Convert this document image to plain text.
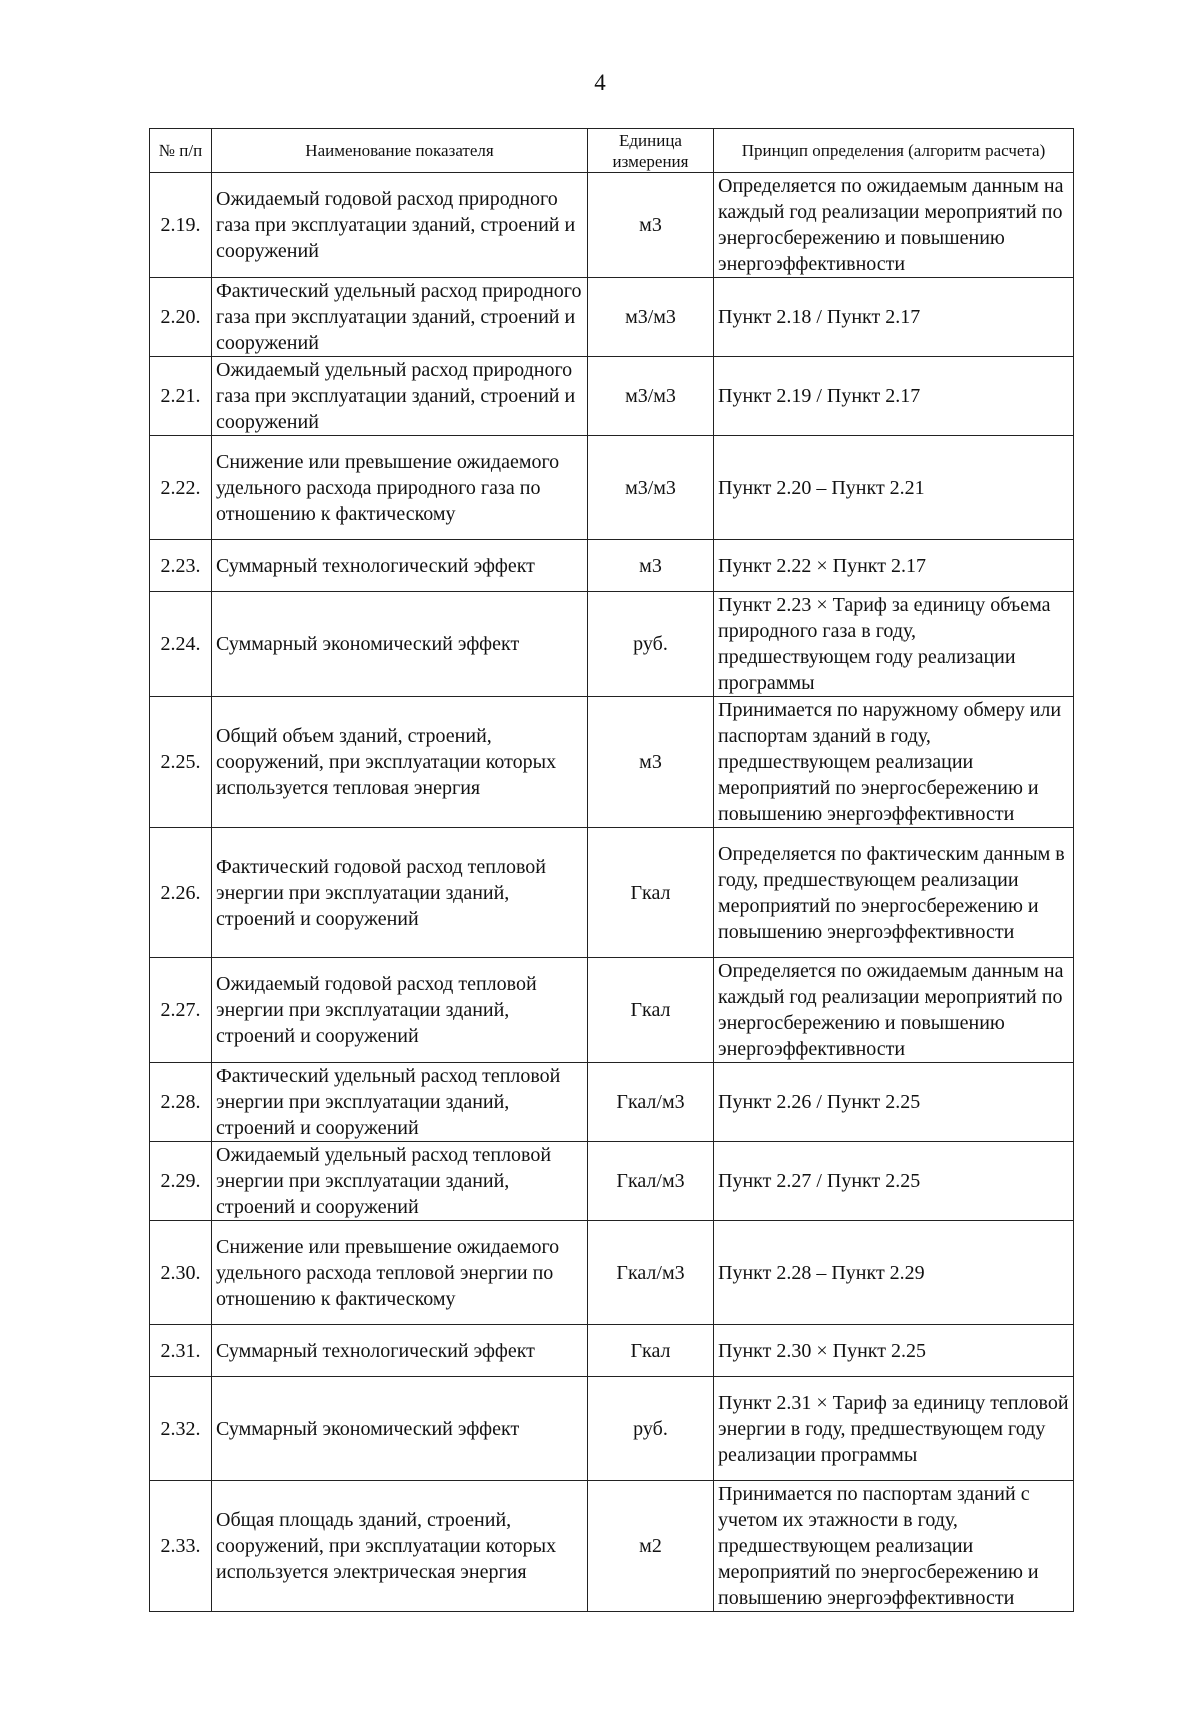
4
№ п/п	Наименование показателя	Единица измерения	Принцип определения (алгоритм расчета)
2.19.	Ожидаемый годовой расход природного газа при эксплуатации зданий, строений и сооружений	м3	Определяется по ожидаемым данным на каждый год реализации мероприятий по энергосбережению и повышению энергоэффективности
2.20.	Фактический удельный расход природного газа при эксплуатации зданий, строений и сооружений	м3/м3	Пункт 2.18 / Пункт 2.17
2.21.	Ожидаемый удельный расход природного газа при эксплуатации зданий, строений и сооружений	м3/м3	Пункт 2.19 / Пункт 2.17
2.22.	Снижение или превышение ожидаемого удельного расхода природного газа по отношению к фактическому	м3/м3	Пункт 2.20 – Пункт 2.21
2.23.	Суммарный технологический эффект	м3	Пункт 2.22 × Пункт 2.17
2.24.	Суммарный экономический эффект	руб.	Пункт 2.23 × Тариф за единицу объема природного газа в году, предшествующем году реализации программы
2.25.	Общий объем зданий, строений, сооружений, при эксплуатации которых используется тепловая энергия	м3	Принимается по наружному обмеру или паспортам зданий в году, предшествующем реализации мероприятий по энергосбережению и повышению энергоэффективности
2.26.	Фактический годовой расход тепловой энергии при эксплуатации зданий, строений и сооружений	Гкал	Определяется по фактическим данным в году, предшествующем реализации мероприятий по энергосбережению и повышению энергоэффективности
2.27.	Ожидаемый годовой расход тепловой энергии при эксплуатации зданий, строений и сооружений	Гкал	Определяется по ожидаемым данным на каждый год реализации мероприятий по энергосбережению и повышению энергоэффективности
2.28.	Фактический удельный расход тепловой энергии при эксплуатации зданий, строений и сооружений	Гкал/м3	Пункт 2.26 / Пункт 2.25
2.29.	Ожидаемый удельный расход тепловой энергии при эксплуатации зданий, строений и сооружений	Гкал/м3	Пункт 2.27 / Пункт 2.25
2.30.	Снижение или превышение ожидаемого удельного расхода тепловой энергии по отношению к фактическому	Гкал/м3	Пункт 2.28 – Пункт 2.29
2.31.	Суммарный технологический эффект	Гкал	Пункт 2.30 × Пункт 2.25
2.32.	Суммарный экономический эффект	руб.	Пункт 2.31 × Тариф за единицу тепловой энергии в году, предшествующем году реализации программы
2.33.	Общая площадь зданий, строений, сооружений, при эксплуатации которых используется электрическая энергия	м2	Принимается по паспортам зданий с учетом их этажности в году, предшествующем реализации мероприятий по энергосбережению и повышению энергоэффективности
